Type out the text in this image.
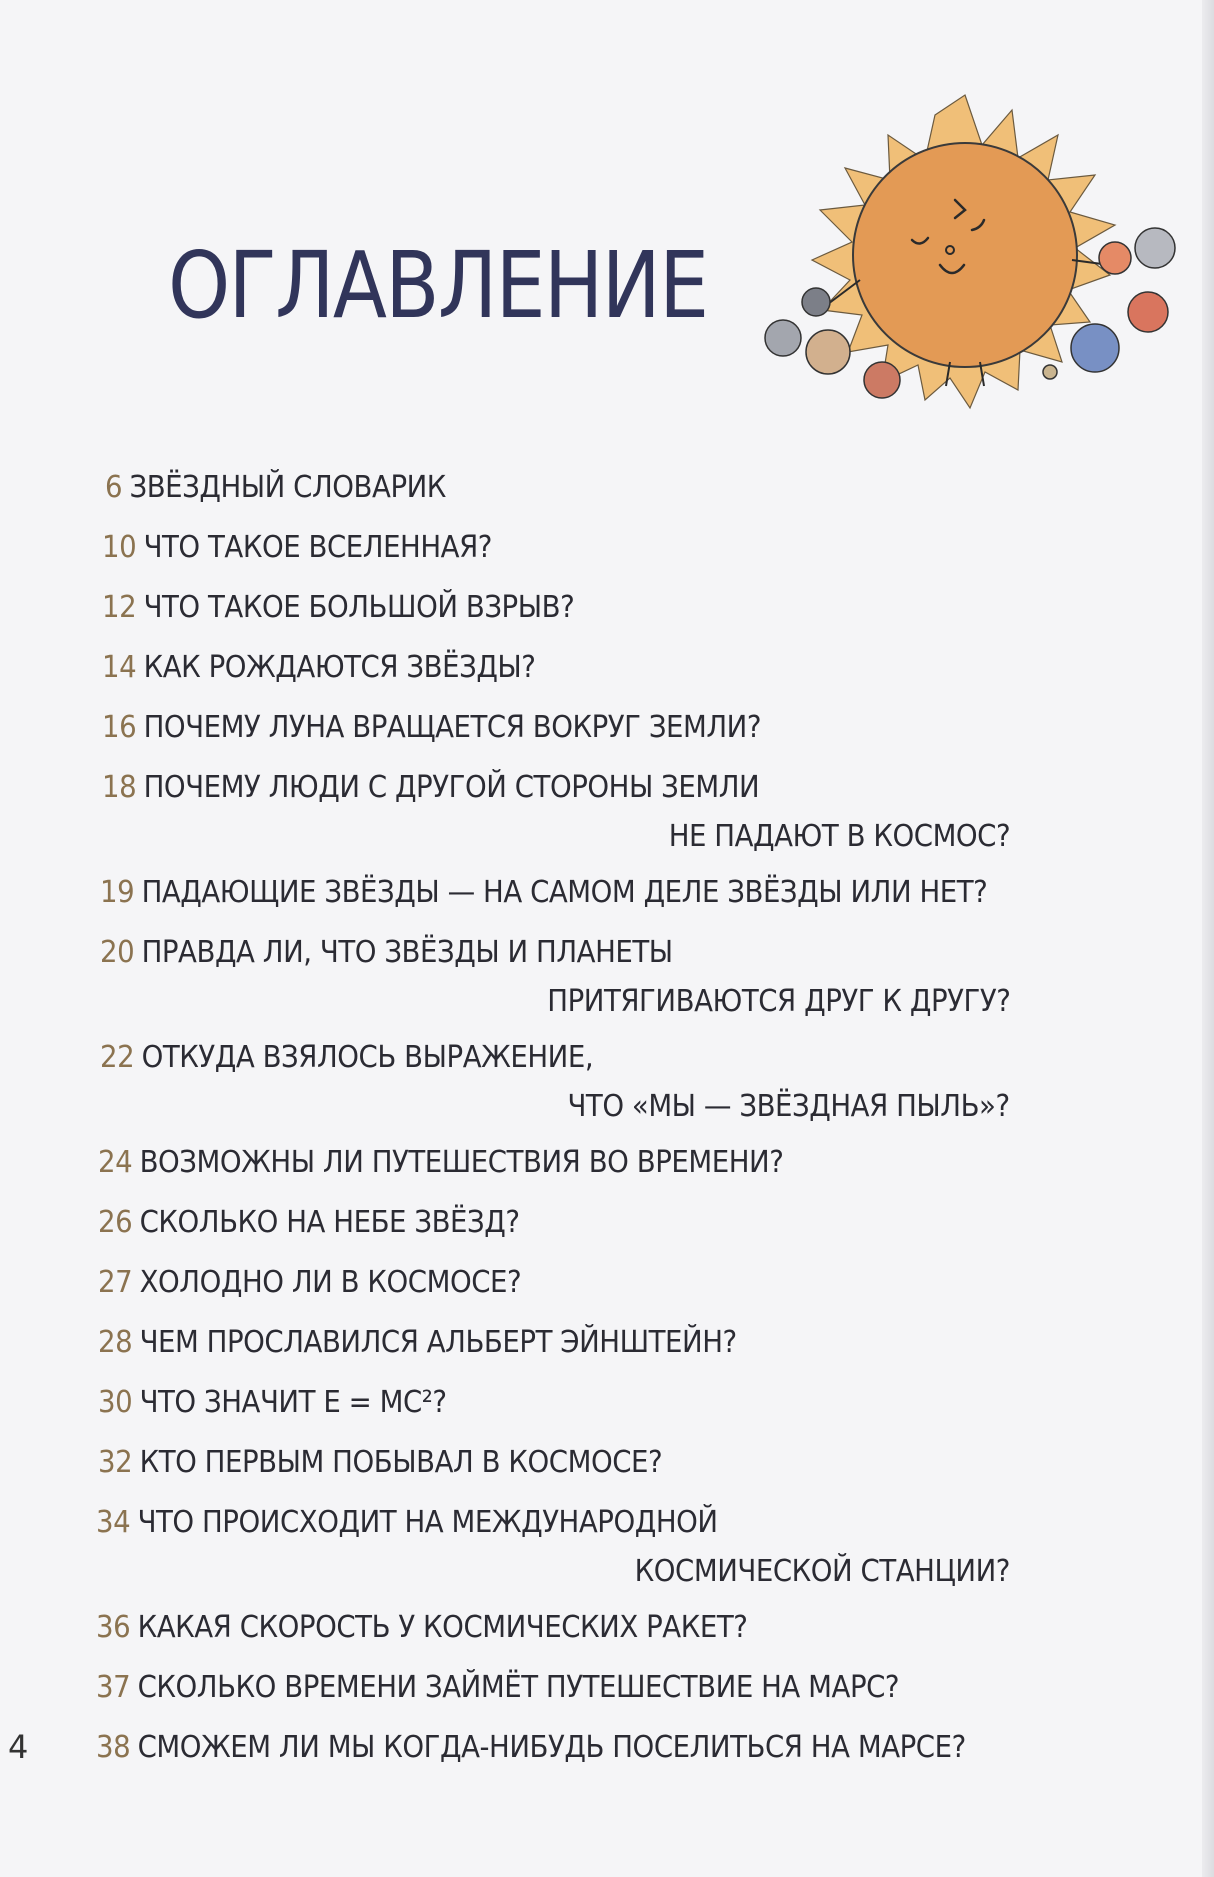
ОГЛАВЛЕНИЕ
6 ЗВЁЗДНЫЙ СЛОВАРИК
10 ЧТО ТАКОЕ ВСЕЛЕННАЯ?
12 ЧТО ТАКОЕ БОЛЬШОЙ ВЗРЫВ?
14 КАК РОЖДАЮТСЯ ЗВЁЗДЫ?
16 ПОЧЕМУ ЛУНА ВРАЩАЕТСЯ ВОКРУГ ЗЕМЛИ?
18 ПОЧЕМУ ЛЮДИ С ДРУГОЙ СТОРОНЫ ЗЕМЛИ
НЕ ПАДАЮТ В КОСМОС?
19 ПАДАЮЩИЕ ЗВЁЗДЫ — НА САМОМ ДЕЛЕ ЗВЁЗДЫ ИЛИ НЕТ?
20 ПРАВДА ЛИ, ЧТО ЗВЁЗДЫ И ПЛАНЕТЫ
ПРИТЯГИВАЮТСЯ ДРУГ К ДРУГУ?
22 ОТКУДА ВЗЯЛОСЬ ВЫРАЖЕНИЕ,
ЧТО «МЫ — ЗВЁЗДНАЯ ПЫЛЬ»?
24 ВОЗМОЖНЫ ЛИ ПУТЕШЕСТВИЯ ВО ВРЕМЕНИ?
26 СКОЛЬКО НА НЕБЕ ЗВЁЗД?
27 ХОЛОДНО ЛИ В КОСМОСЕ?
28 ЧЕМ ПРОСЛАВИЛСЯ АЛЬБЕРТ ЭЙНШТЕЙН?
30 ЧТО ЗНАЧИТ E = MC²?
32 КТО ПЕРВЫМ ПОБЫВАЛ В КОСМОСЕ?
34 ЧТО ПРОИСХОДИТ НА МЕЖДУНАРОДНОЙ
КОСМИЧЕСКОЙ СТАНЦИИ?
36 КАКАЯ СКОРОСТЬ У КОСМИЧЕСКИХ РАКЕТ?
37 СКОЛЬКО ВРЕМЕНИ ЗАЙМЁТ ПУТЕШЕСТВИЕ НА МАРС?
38 СМОЖЕМ ЛИ МЫ КОГДА-НИБУДЬ ПОСЕЛИТЬСЯ НА МАРСЕ?
4
